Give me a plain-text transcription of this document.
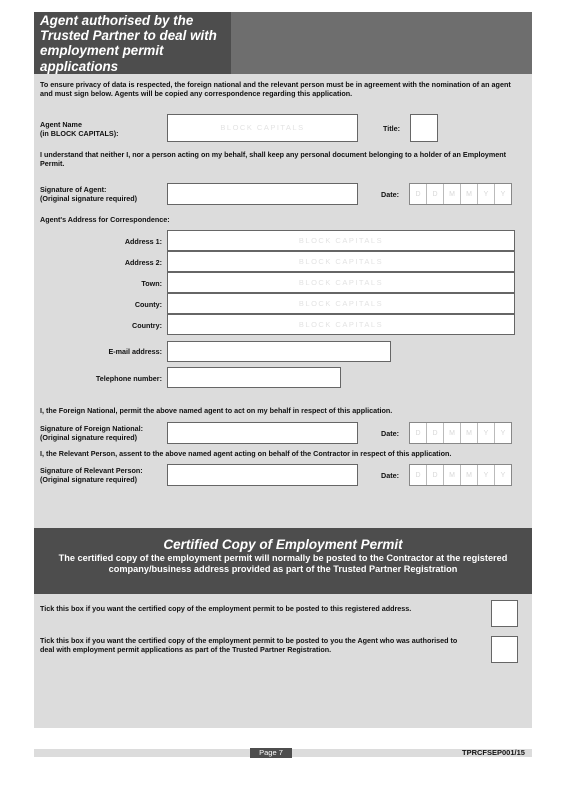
Agent authorised by the Trusted Partner to deal with employment permit applications
To ensure privacy of data is respected, the foreign national and the relevant person must be in agreement with the nomination of an agent and must sign below. Agents will be copied any correspondence regarding this application.
Agent Name
(in BLOCK CAPITALS):
BLOCK CAPITALS	Title:
I understand that neither I, nor a person acting on my behalf, shall keep any personal document belonging to a holder of an Employment Permit.
Signature of Agent:
(Original signature required)	Date:	D	D	M	M	Y	Y
Agent's Address for Correspondence:
Address 1:	BLOCK CAPITALS
Address 2:	BLOCK CAPITALS
Town:	BLOCK CAPITALS
County:	BLOCK CAPITALS
Country:	BLOCK CAPITALS
E-mail address:
Telephone number:
I, the Foreign National, permit the above named agent to act on my behalf in respect of this application.
Signature of Foreign National:
(Original signature required)	Date:	D	D	M	M	Y	Y
I, the Relevant Person, assent to the above named agent acting on behalf of the Contractor in respect of this application.
Signature of Relevant Person:
(Original signature required)	Date:	D	D	M	M	Y	Y
Certified Copy of Employment Permit
The certified copy of the employment permit will normally be posted to the Contractor at the registered company/business address provided as part of the Trusted Partner Registration
Tick this box if you want the certified copy of the employment permit to be posted to this registered address.
Tick this box if you want the certified copy of the employment permit to be posted to you the Agent who was authorised to deal with employment permit applications as part of the Trusted Partner Registration.
Page 7	TPRCFSEP001/15
